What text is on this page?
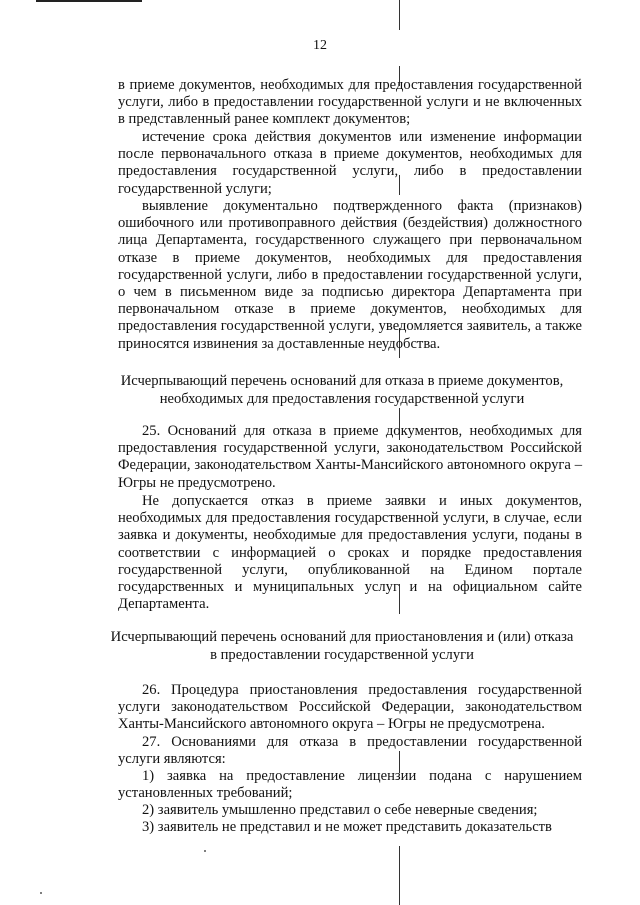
12
в приеме документов, необходимых для предоставления государственной услуги, либо в предоставлении государственной услуги и не включенных в представленный ранее комплект документов;
истечение срока действия документов или изменение информации после первоначального отказа в приеме документов, необходимых для предоставления государственной услуги, либо в предоставлении государственной услуги;
выявление документально подтвержденного факта (признаков) ошибочного или противоправного действия (бездействия) должностного лица Департамента, государственного служащего при первоначальном отказе в приеме документов, необходимых для предоставления государственной услуги, либо в предоставлении государственной услуги, о чем в письменном виде за подписью директора Департамента при первоначальном отказе в приеме документов, необходимых для предоставления государственной услуги, уведомляется заявитель, а также приносятся извинения за доставленные неудобства.
Исчерпывающий перечень оснований для отказа в приеме документов,
необходимых для предоставления государственной услуги
25. Оснований для отказа в приеме документов, необходимых для предоставления государственной услуги, законодательством Российской Федерации, законодательством Ханты-Мансийского автономного округа – Югры не предусмотрено.
Не допускается отказ в приеме заявки и иных документов, необходимых для предоставления государственной услуги, в случае, если заявка и документы, необходимые для предоставления услуги, поданы в соответствии с информацией о сроках и порядке предоставления государственной услуги, опубликованной на Едином портале государственных и муниципальных услуг и на официальном сайте Департамента.
Исчерпывающий перечень оснований для приостановления и (или) отказа
в предоставлении государственной услуги
26. Процедура приостановления предоставления государственной услуги законодательством Российской Федерации, законодательством Ханты-Мансийского автономного округа – Югры не предусмотрена.
27. Основаниями для отказа в предоставлении государственной услуги являются:
1) заявка на предоставление лицензии подана с нарушением установленных требований;
2) заявитель умышленно представил о себе неверные сведения;
3) заявитель не представил и не может представить доказательств
